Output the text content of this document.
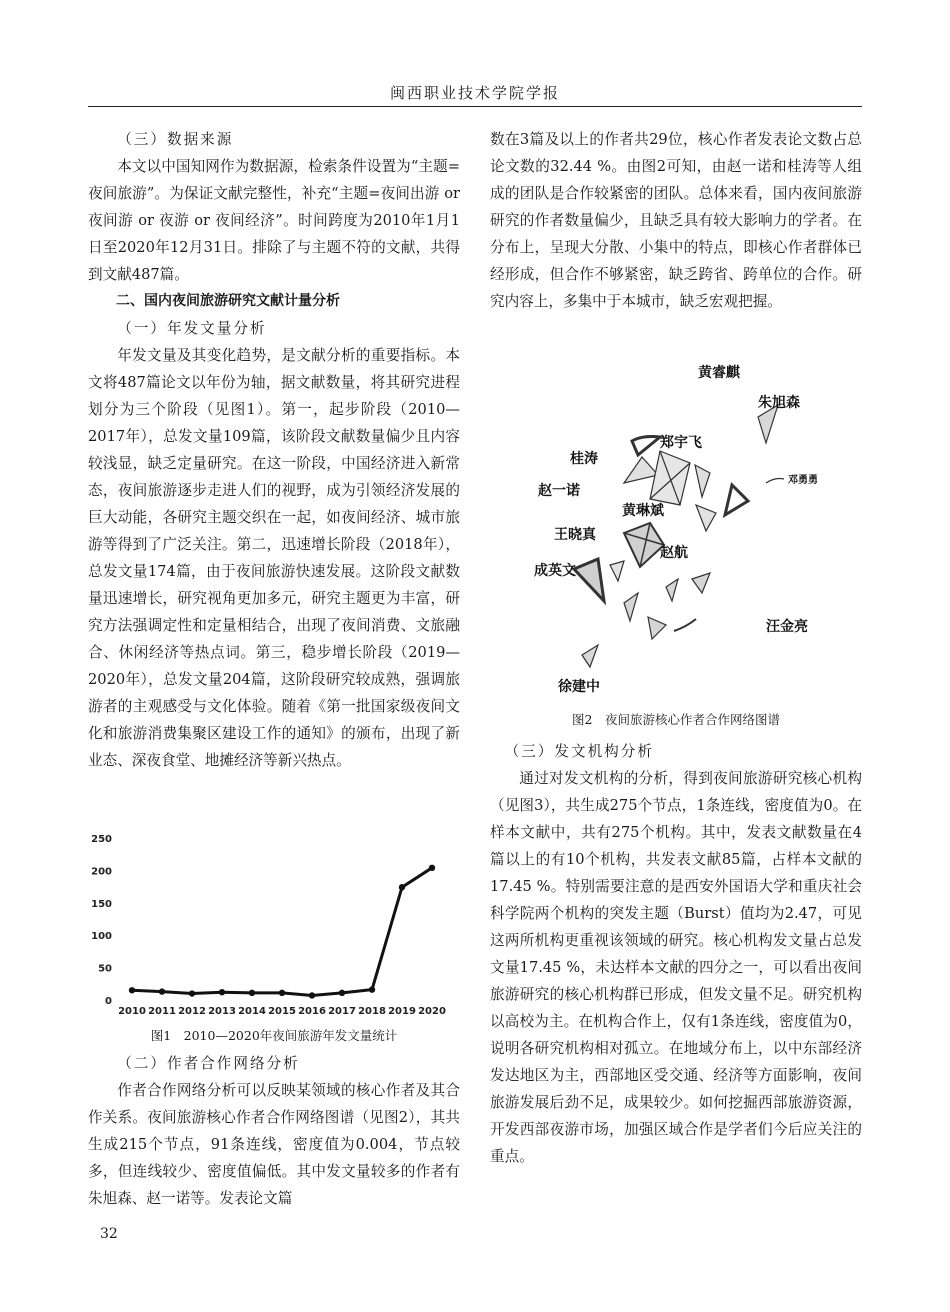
闽西职业技术学院学报

（三）数据来源

本文以中国知网作为数据源，检索条件设置为“主题=夜间旅游”。为保证文献完整性，补充“主题=夜间出游 or 夜间游 or 夜游 or 夜间经济”。时间跨度为2010年1月1日至2020年12月31日。排除了与主题不符的文献，共得到文献487篇。

二、国内夜间旅游研究文献计量分析

（一）年发文量分析

年发文量及其变化趋势，是文献分析的重要指标。本文将487篇论文以年份为轴，据文献数量，将其研究进程划分为三个阶段（见图1）。第一，起步阶段（2010—2017年），总发文量109篇，该阶段文献数量偏少且内容较浅显，缺乏定量研究。在这一阶段，中国经济进入新常态，夜间旅游逐步走进人们的视野，成为引领经济发展的巨大动能，各研究主题交织在一起，如夜间经济、城市旅游等得到了广泛关注。第二，迅速增长阶段（2018年），总发文量174篇，由于夜间旅游快速发展。这阶段文献数量迅速增长，研究视角更加多元，研究主题更为丰富，研究方法强调定性和定量相结合，出现了夜间消费、文旅融合、休闲经济等热点词。第三，稳步增长阶段（2019—2020年），总发文量204篇，这阶段研究较成熟，强调旅游者的主观感受与文化体验。随着《第一批国家级夜间文化和旅游消费集聚区建设工作的通知》的颁布，出现了新业态、深夜食堂、地摊经济等新兴热点。

0
50
100
150
200
250
2010 2011 2012 2013 2014 2015 2016 2017 2018 2019 2020
图1　2010—2020年夜间旅游年发文量统计

（二）作者合作网络分析

作者合作网络分析可以反映某领域的核心作者及其合作关系。夜间旅游核心作者合作网络图谱（见图2），其共生成215个节点，91条连线，密度值为0.004，节点较多，但连线较少、密度值偏低。其中发文量较多的作者有朱旭森、赵一诺等。发表论文篇

数在3篇及以上的作者共29位，核心作者发表论文数占总论文数的32.44 %。由图2可知，由赵一诺和桂涛等人组成的团队是合作较紧密的团队。总体来看，国内夜间旅游研究的作者数量偏少，且缺乏具有较大影响力的学者。在分布上，呈现大分散、小集中的特点，即核心作者群体已经形成，但合作不够紧密，缺乏跨省、跨单位的合作。研究内容上，多集中于本城市，缺乏宏观把握。

黄睿麒
朱旭森
郑宇飞
桂涛
邓勇勇
赵一诺
黄琳斌
王晓真
赵航
成英文
汪金亮
徐建中
图2　夜间旅游核心作者合作网络图谱

（三）发文机构分析

通过对发文机构的分析，得到夜间旅游研究核心机构（见图3），共生成275个节点，1条连线，密度值为0。在样本文献中，共有275个机构。其中，发表文献数量在4篇以上的有10个机构，共发表文献85篇，占样本文献的17.45 %。特别需要注意的是西安外国语大学和重庆社会科学院两个机构的突发主题（Burst）值均为2.47，可见这两所机构更重视该领域的研究。核心机构发文量占总发文量17.45 %，未达样本文献的四分之一，可以看出夜间旅游研究的核心机构群已形成，但发文量不足。研究机构以高校为主。在机构合作上，仅有1条连线，密度值为0，说明各研究机构相对孤立。在地域分布上，以中东部经济发达地区为主，西部地区受交通、经济等方面影响，夜间旅游发展后劲不足，成果较少。如何挖掘西部旅游资源，开发西部夜游市场，加强区域合作是学者们今后应关注的重点。

32
